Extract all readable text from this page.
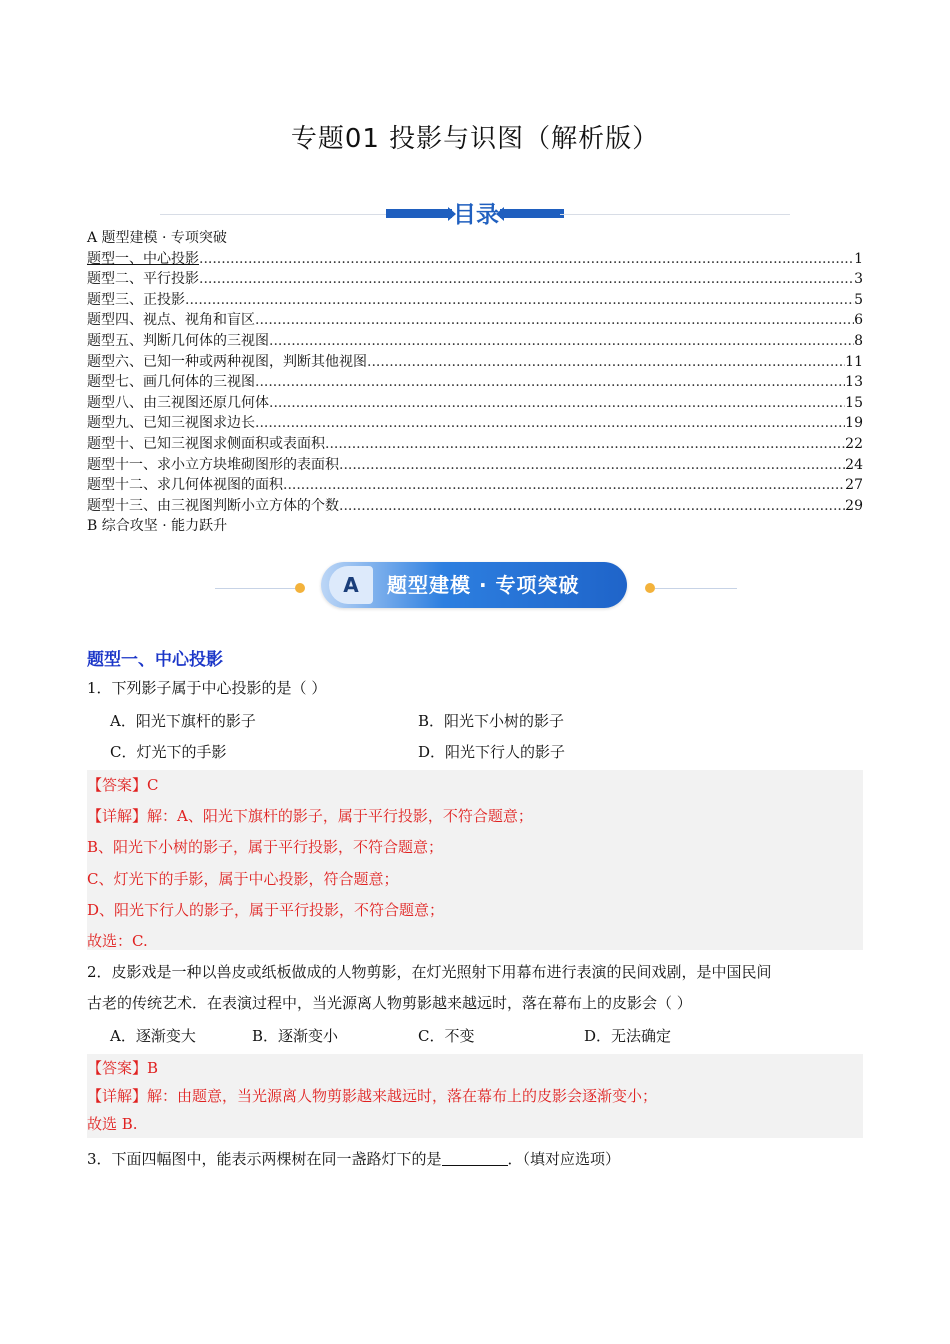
专题01 投影与识图（解析版）
目录
A 题型建模 · 专项突破
题型一、中心投影 .....	1
题型二、平行投影 .....	3
题型三、正投影 .....	5
题型四、视点、视角和盲区 .....	6
题型五、判断几何体的三视图 .....	8
题型六、已知一种或两种视图，判断其他视图 .....	11
题型七、画几何体的三视图 .....	13
题型八、由三视图还原几何体 .....	15
题型九、已知三视图求边长 .....	19
题型十、已知三视图求侧面积或表面积 .....	22
题型十一、求小立方块堆砌图形的表面积 .....	24
题型十二、求几何体视图的面积 .....	27
题型十三、由三视图判断小立方体的个数 .....	29
B 综合攻坚 · 能力跃升
A	题型建模 · 专项突破
题型一、中心投影
1．下列影子属于中心投影的是（ ）
A．阳光下旗杆的影子	B．阳光下小树的影子
C．灯光下的手影	D．阳光下行人的影子
【答案】C
【详解】解：A、阳光下旗杆的影子，属于平行投影，不符合题意；
B、阳光下小树的影子，属于平行投影，不符合题意；
C、灯光下的手影，属于中心投影，符合题意；
D、阳光下行人的影子，属于平行投影，不符合题意；
故选：C.
2．皮影戏是一种以兽皮或纸板做成的人物剪影，在灯光照射下用幕布进行表演的民间戏剧，是中国民间
古老的传统艺术．在表演过程中，当光源离人物剪影越来越远时，落在幕布上的皮影会（ ）
A．逐渐变大	B．逐渐变小	C．不变	D．无法确定
【答案】B
【详解】解：由题意，当光源离人物剪影越来越远时，落在幕布上的皮影会逐渐变小；
故选 B.
3．下面四幅图中，能表示两棵树在同一盏路灯下的是	．（填对应选项）
